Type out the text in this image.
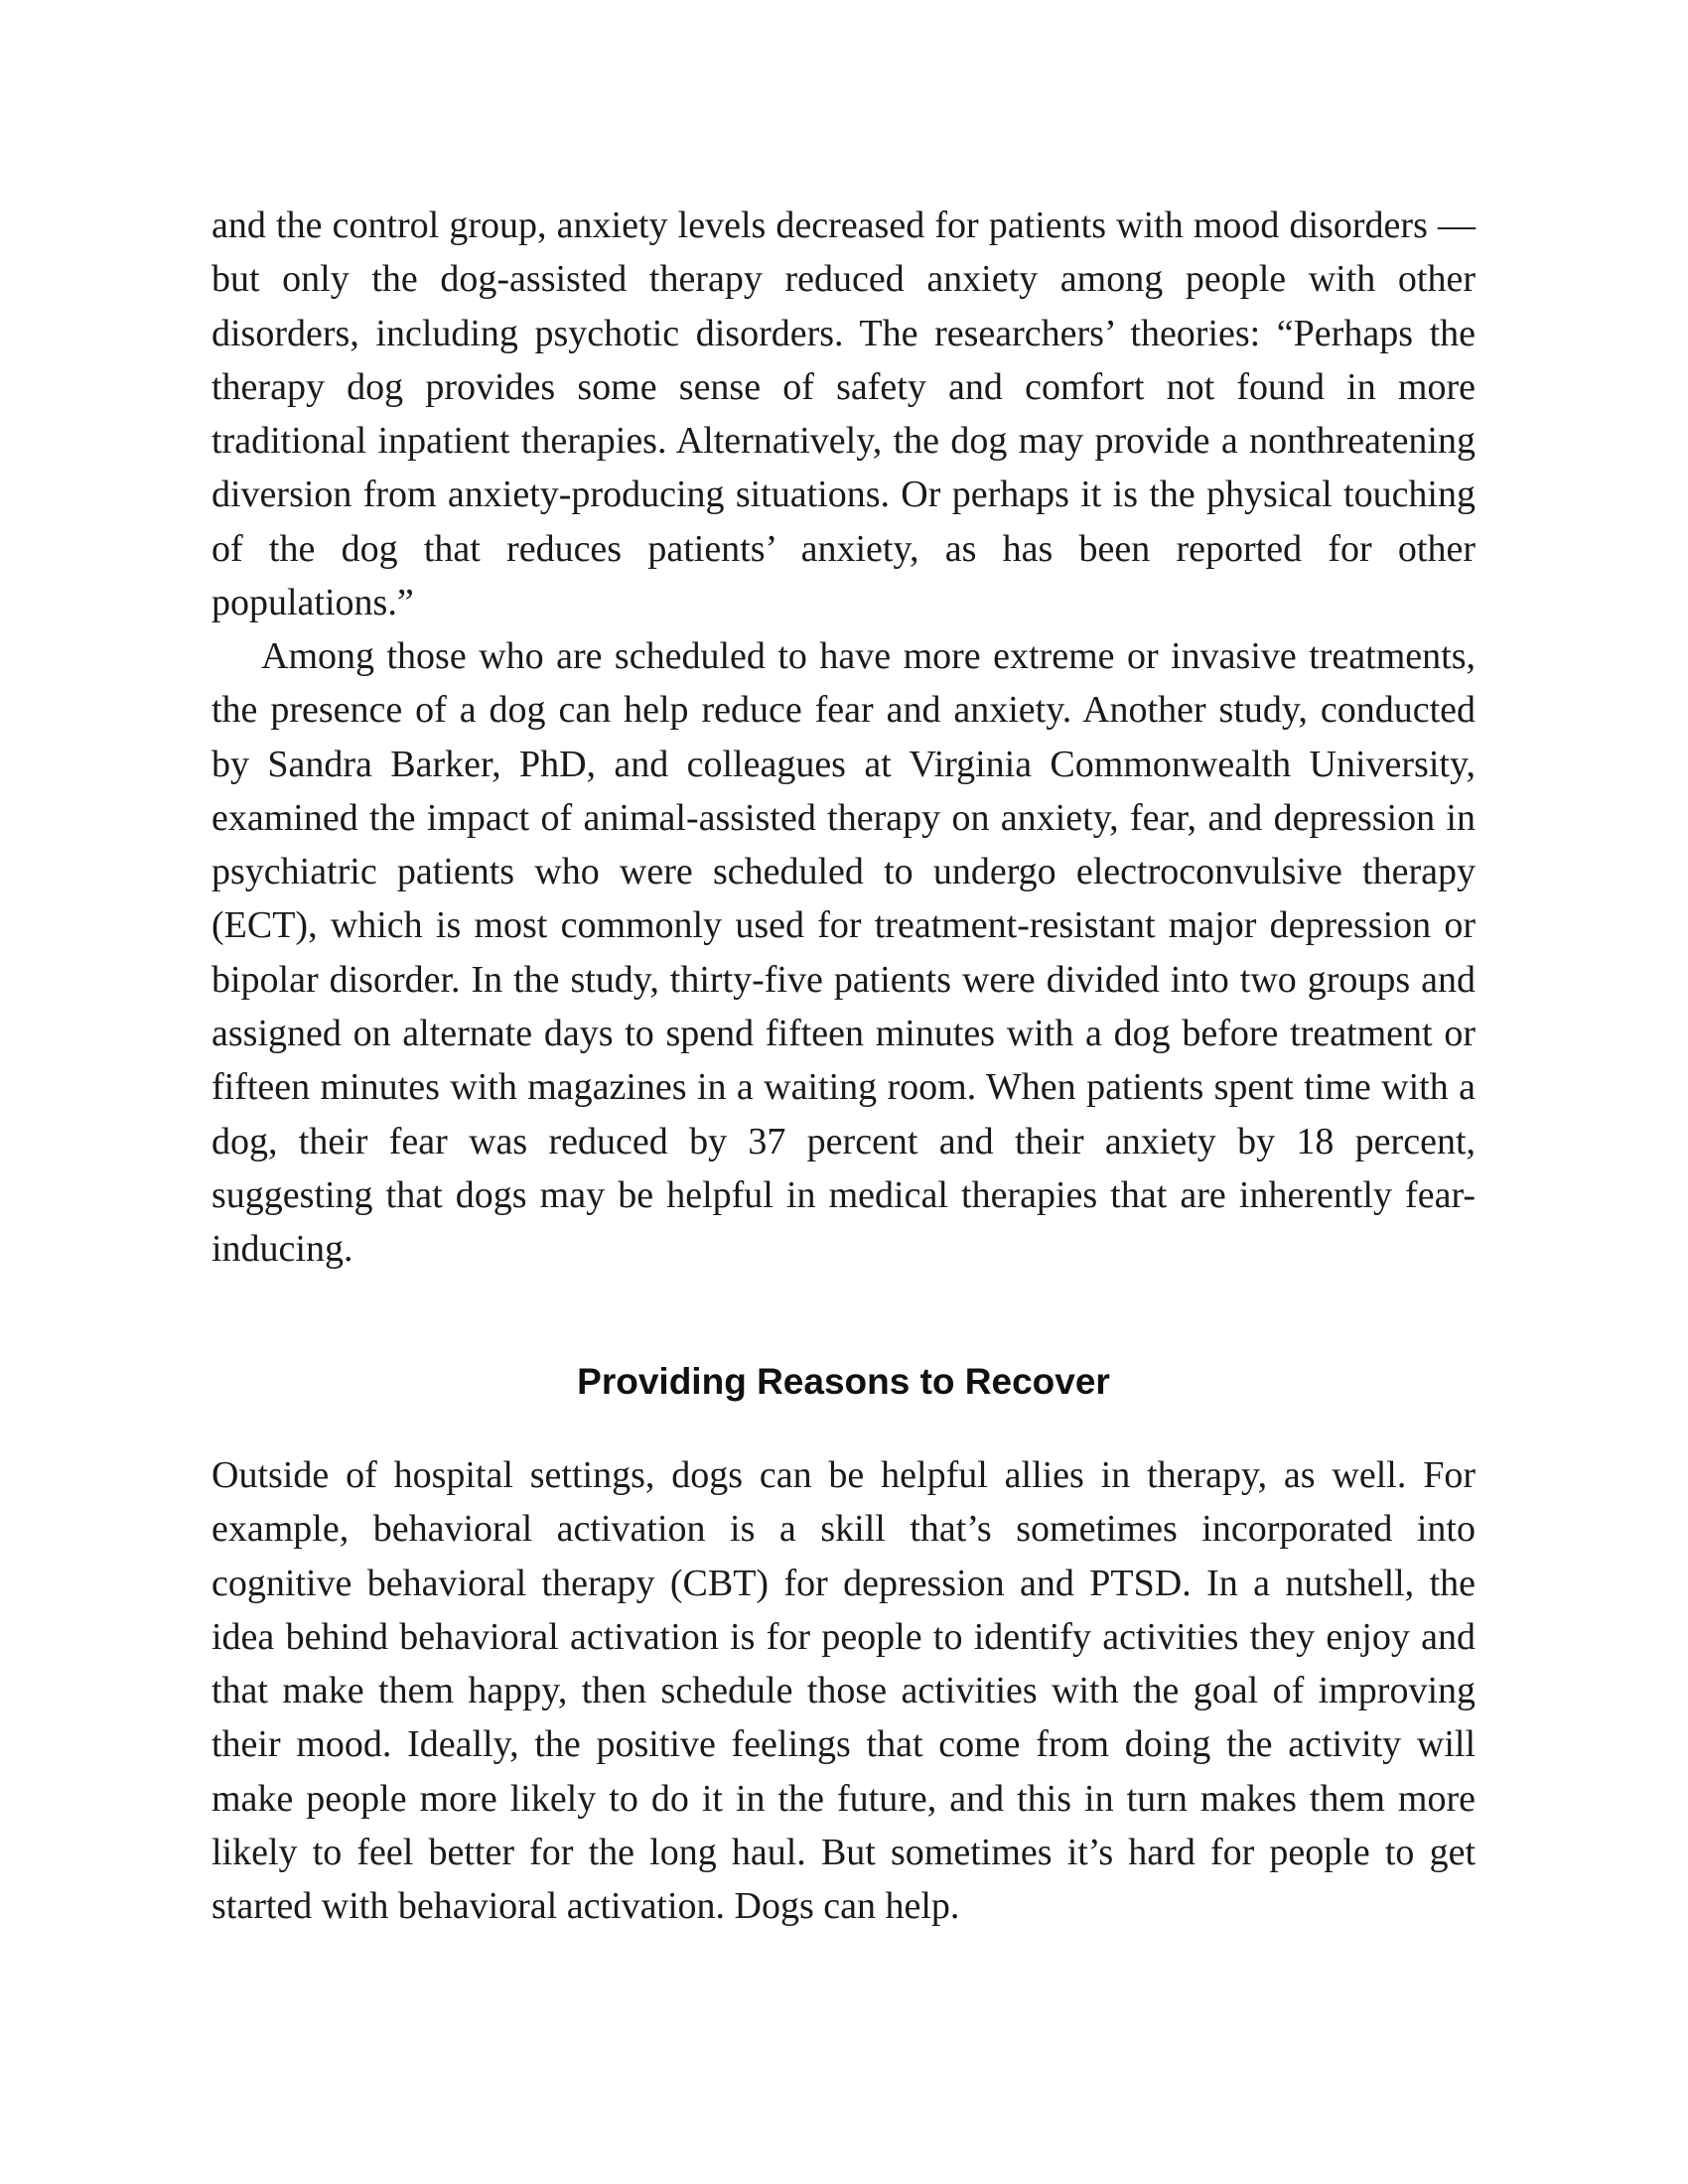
and the control group, anxiety levels decreased for patients with mood disorders —but only the dog-assisted therapy reduced anxiety among people with other disorders, including psychotic disorders. The researchers’ theories: “Perhaps the therapy dog provides some sense of safety and comfort not found in more traditional inpatient therapies. Alternatively, the dog may provide a nonthreatening diversion from anxiety-producing situations. Or perhaps it is the physical touching of the dog that reduces patients’ anxiety, as has been reported for other populations.”

Among those who are scheduled to have more extreme or invasive treatments, the presence of a dog can help reduce fear and anxiety. Another study, conducted by Sandra Barker, PhD, and colleagues at Virginia Commonwealth University, examined the impact of animal-assisted therapy on anxiety, fear, and depression in psychiatric patients who were scheduled to undergo electroconvulsive therapy (ECT), which is most commonly used for treatment-resistant major depression or bipolar disorder. In the study, thirty-five patients were divided into two groups and assigned on alternate days to spend fifteen minutes with a dog before treatment or fifteen minutes with magazines in a waiting room. When patients spent time with a dog, their fear was reduced by 37 percent and their anxiety by 18 percent, suggesting that dogs may be helpful in medical therapies that are inherently fear-inducing.

Providing Reasons to Recover

Outside of hospital settings, dogs can be helpful allies in therapy, as well. For example, behavioral activation is a skill that’s sometimes incorporated into cognitive behavioral therapy (CBT) for depression and PTSD. In a nutshell, the idea behind behavioral activation is for people to identify activities they enjoy and that make them happy, then schedule those activities with the goal of improving their mood. Ideally, the positive feelings that come from doing the activity will make people more likely to do it in the future, and this in turn makes them more likely to feel better for the long haul. But sometimes it’s hard for people to get started with behavioral activation. Dogs can help.
